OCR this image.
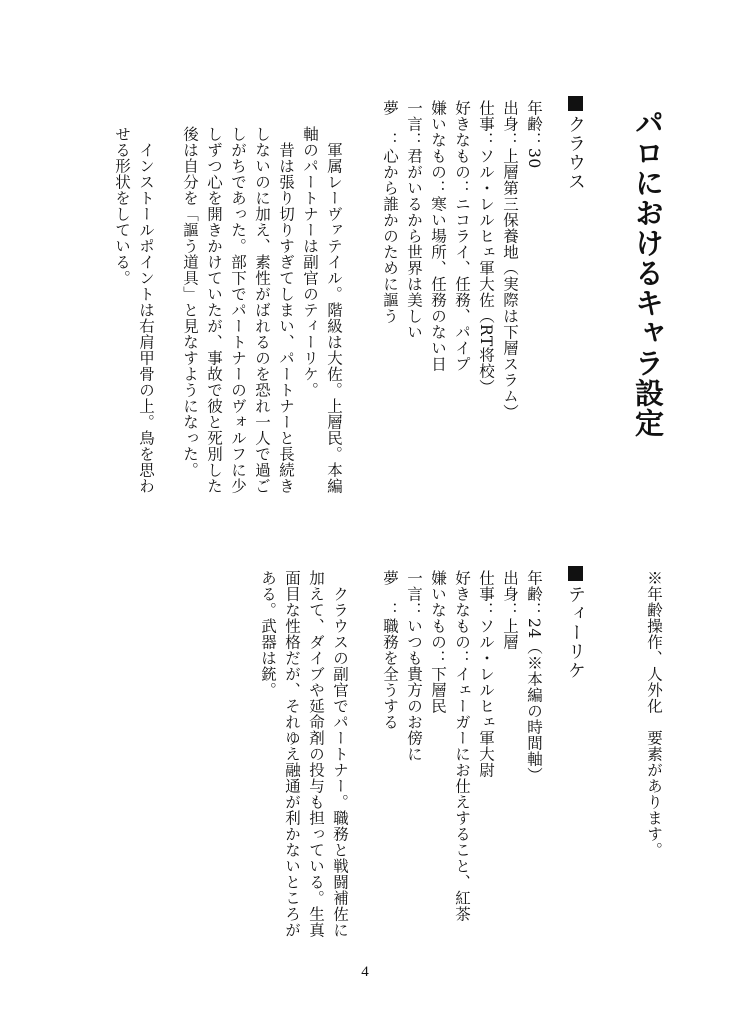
パロにおけるキャラ設定
クラウス
年齢：30
出身：上層第三保養地（実際は下層スラム）
仕事：ソル・レルヒェ軍大佐（RT将校）
好きなもの：ニコライ、任務、パイプ
嫌いなもの：寒い場所、任務のない日
一言：君がいるから世界は美しい
夢　：心から誰かのために謳う
軍属レーヴァテイル。階級は大佐。上層民。本編
軸のパートナーは副官のティーリケ。
昔は張り切りすぎてしまい、パートナーと長続き
しないのに加え、素性がばれるのを恐れ一人で過ご
しがちであった。部下でパートナーのヴォルフに少
しずつ心を開きかけていたが、事故で彼と死別した
後は自分を「謳う道具」と見なすようになった。
インストールポイントは右肩甲骨の上。鳥を思わ
せる形状をしている。
※年齢操作、人外化　要素があります。
ティーリケ
年齢：24（※本編の時間軸）
出身：上層
仕事：ソル・レルヒェ軍大尉
好きなもの：イェーガーにお仕えすること、紅茶
嫌いなもの：下層民
一言：いつも貴方のお傍に
夢　：職務を全うする
クラウスの副官でパートナー。職務と戦闘補佐に
加えて、ダイブや延命剤の投与も担っている。生真
面目な性格だが、それゆえ融通が利かないところが
ある。武器は銃。
4
